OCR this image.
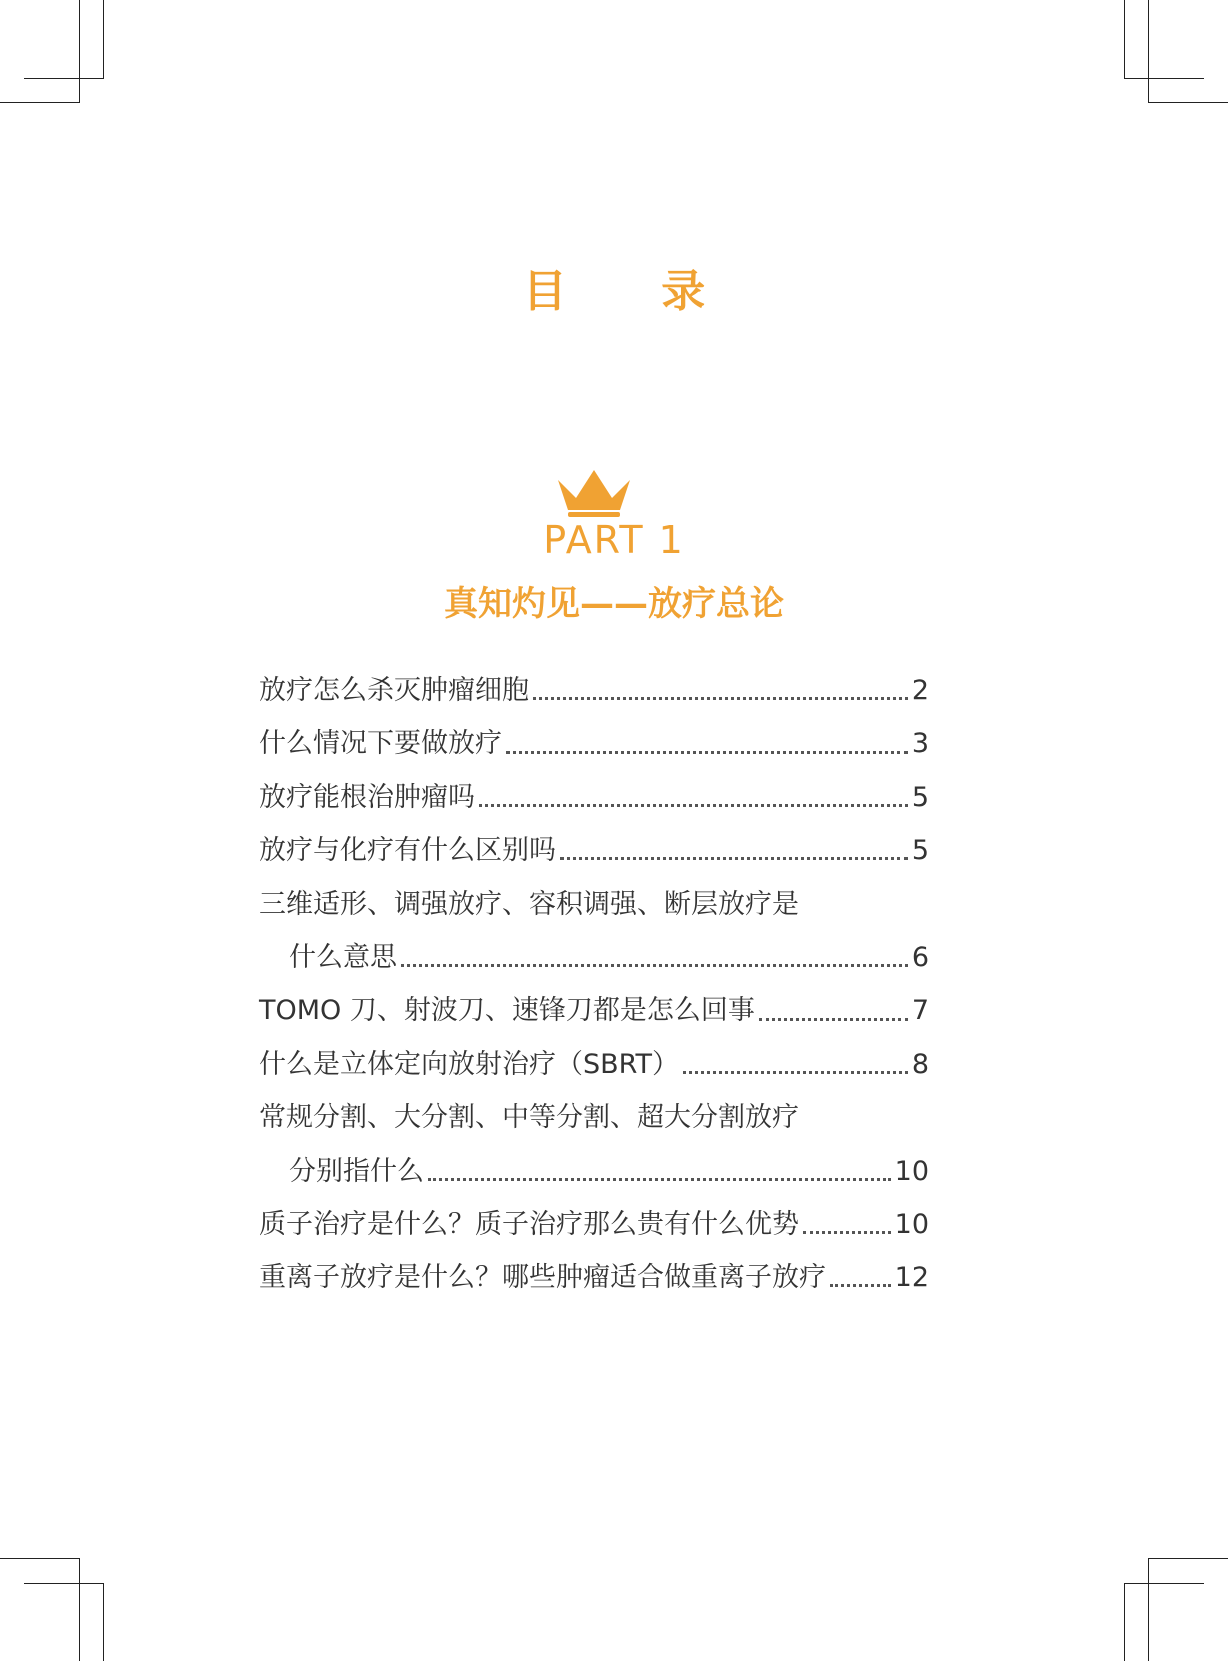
目 录
PART 1
真知灼见——放疗总论
放疗怎么杀灭肿瘤细胞	2
什么情况下要做放疗	3
放疗能根治肿瘤吗	5
放疗与化疗有什么区别吗	5
三维适形、调强放疗、容积调强、断层放疗是
什么意思	6
TOMO 刀、射波刀、速锋刀都是怎么回事	7
什么是立体定向放射治疗（SBRT）	8
常规分割、大分割、中等分割、超大分割放疗
分别指什么	10
质子治疗是什么？质子治疗那么贵有什么优势	10
重离子放疗是什么？哪些肿瘤适合做重离子放疗	12
